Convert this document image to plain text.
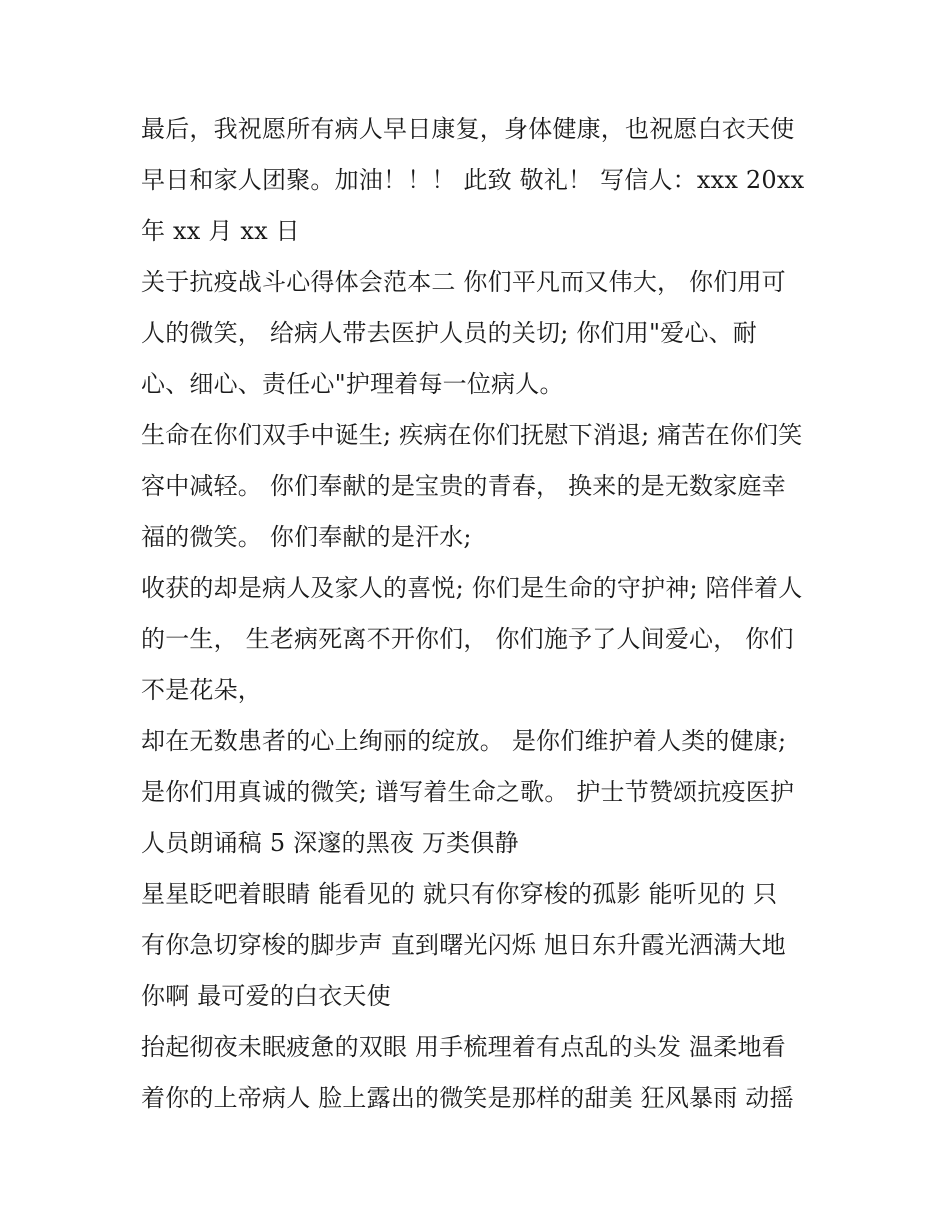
最后，我祝愿所有病人早日康复，身体健康，也祝愿白衣天使
早日和家人团聚。加油！！！ 此致 敬礼！ 写信人：xxx 20xx
年 xx 月 xx 日
关于抗疫战斗心得体会范本二 你们平凡而又伟大， 你们用可
人的微笑， 给病人带去医护人员的关切; 你们用"爱心、耐
心、细心、责任心"护理着每一位病人。
生命在你们双手中诞生; 疾病在你们抚慰下消退; 痛苦在你们笑
容中减轻。 你们奉献的是宝贵的青春， 换来的是无数家庭幸
福的微笑。 你们奉献的是汗水;
收获的却是病人及家人的喜悦; 你们是生命的守护神; 陪伴着人
的一生， 生老病死离不开你们， 你们施予了人间爱心， 你们
不是花朵，
却在无数患者的心上绚丽的绽放。 是你们维护着人类的健康;
是你们用真诚的微笑; 谱写着生命之歌。 护士节赞颂抗疫医护
人员朗诵稿 5 深邃的黑夜 万类俱静
星星眨吧着眼睛 能看见的 就只有你穿梭的孤影 能听见的 只
有你急切穿梭的脚步声 直到曙光闪烁 旭日东升霞光洒满大地
你啊 最可爱的白衣天使
抬起彻夜未眠疲惫的双眼 用手梳理着有点乱的头发 温柔地看
着你的上帝病人 脸上露出的微笑是那样的甜美 狂风暴雨 动摇
